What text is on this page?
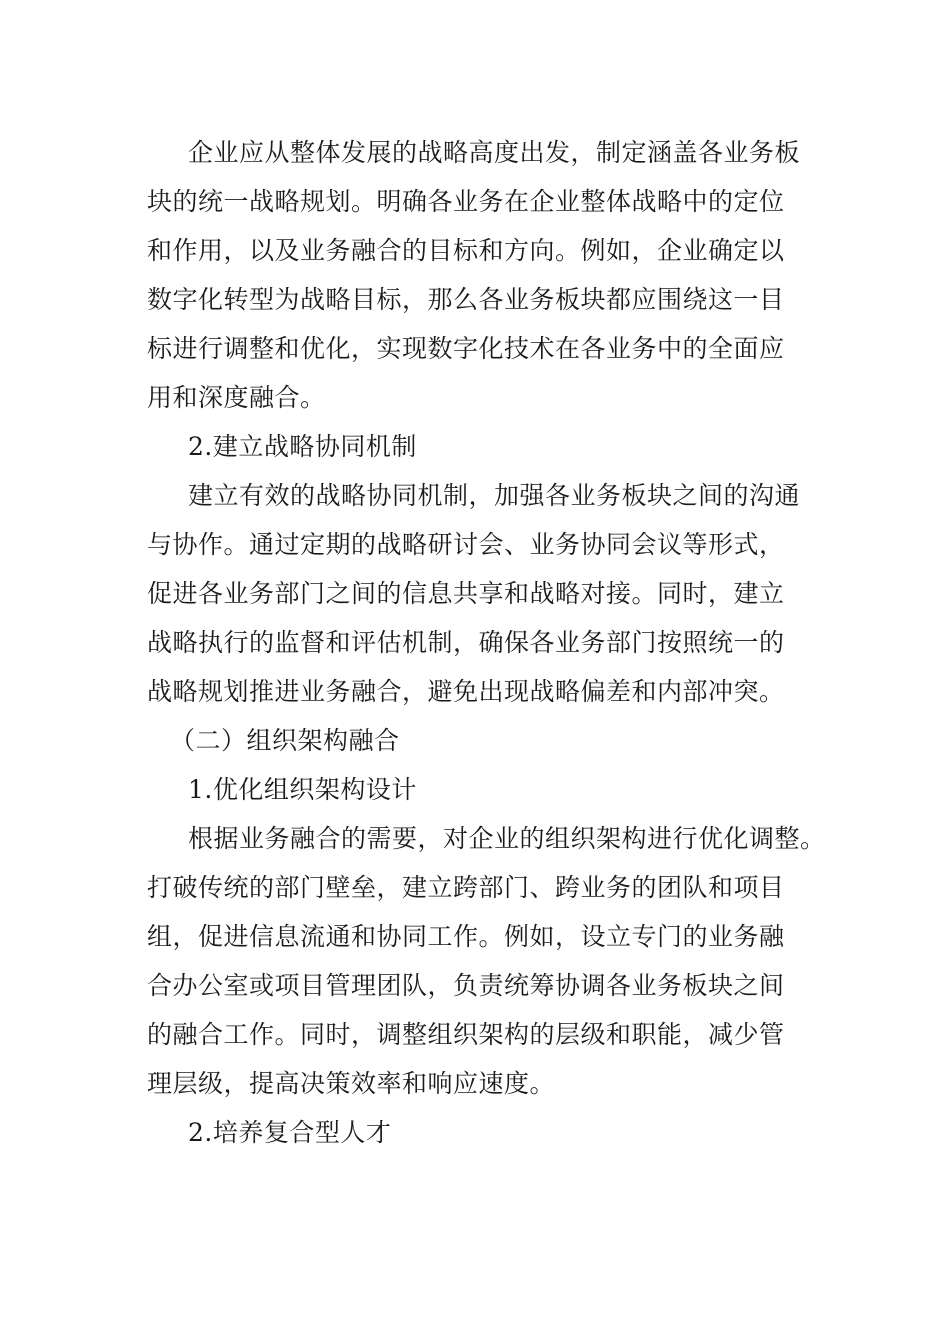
企业应从整体发展的战略高度出发，制定涵盖各业务板
块的统一战略规划。明确各业务在企业整体战略中的定位
和作用，以及业务融合的目标和方向。例如，企业确定以
数字化转型为战略目标，那么各业务板块都应围绕这一目
标进行调整和优化，实现数字化技术在各业务中的全面应
用和深度融合。
2.建立战略协同机制
建立有效的战略协同机制，加强各业务板块之间的沟通
与协作。通过定期的战略研讨会、业务协同会议等形式，
促进各业务部门之间的信息共享和战略对接。同时，建立
战略执行的监督和评估机制，确保各业务部门按照统一的
战略规划推进业务融合，避免出现战略偏差和内部冲突。
（二）组织架构融合
1.优化组织架构设计
根据业务融合的需要，对企业的组织架构进行优化调整。
打破传统的部门壁垒，建立跨部门、跨业务的团队和项目
组，促进信息流通和协同工作。例如，设立专门的业务融
合办公室或项目管理团队，负责统筹协调各业务板块之间
的融合工作。同时，调整组织架构的层级和职能，减少管
理层级，提高决策效率和响应速度。
2.培养复合型人才
